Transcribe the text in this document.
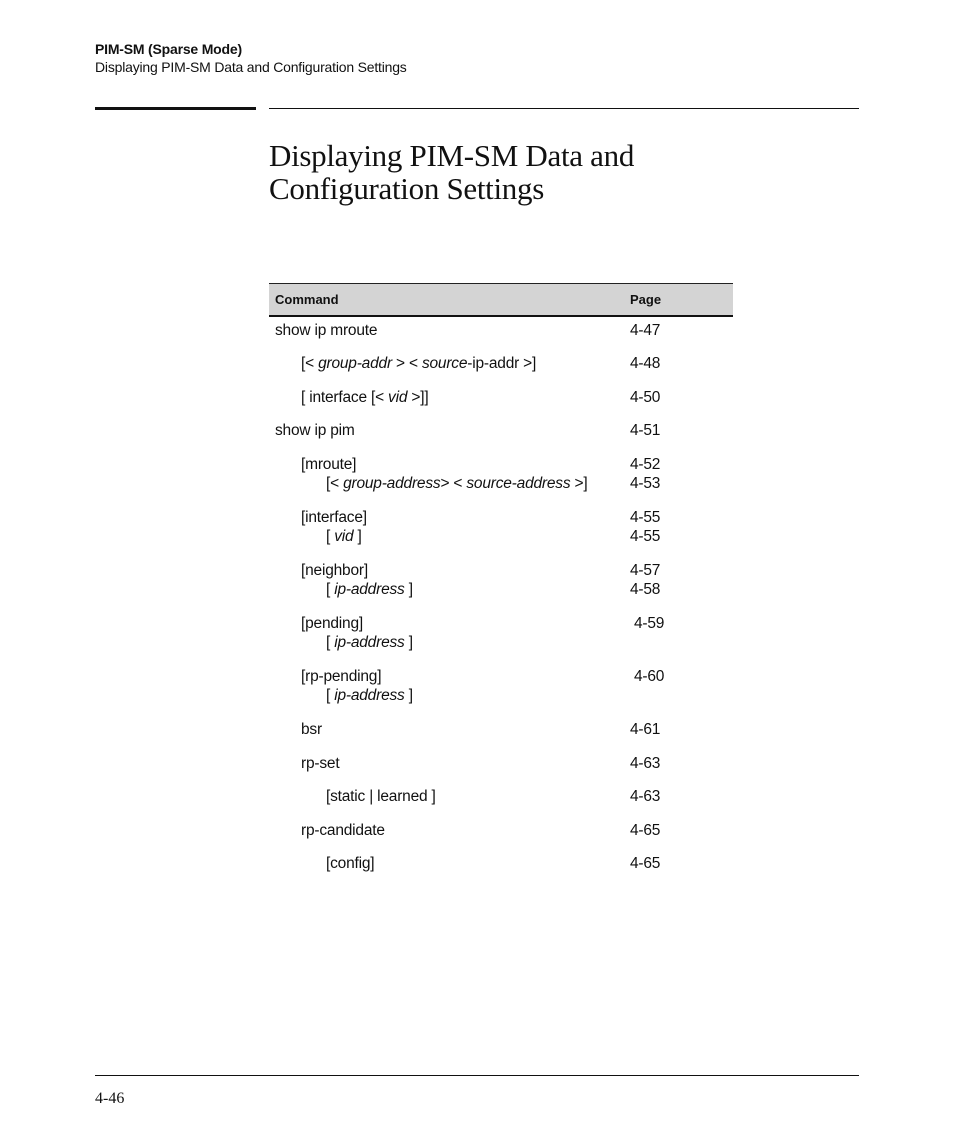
PIM-SM (Sparse Mode)
Displaying PIM-SM Data and Configuration Settings
Displaying PIM-SM Data and
Configuration Settings
Command	Page
show ip mroute	4-47
[< group-addr > < source-ip-addr >]	4-48
[ interface [< vid >]]	4-50
show ip pim	4-51
[mroute]	4-52
[< group-address> < source-address >]	4-53
[interface]	4-55
[ vid ]	4-55
[neighbor]	4-57
[ ip-address ]	4-58
[pending]	4-59
[ ip-address ]
[rp-pending]	4-60
[ ip-address ]
bsr	4-61
rp-set	4-63
[static | learned ]	4-63
rp-candidate	4-65
[config]	4-65
4-46
